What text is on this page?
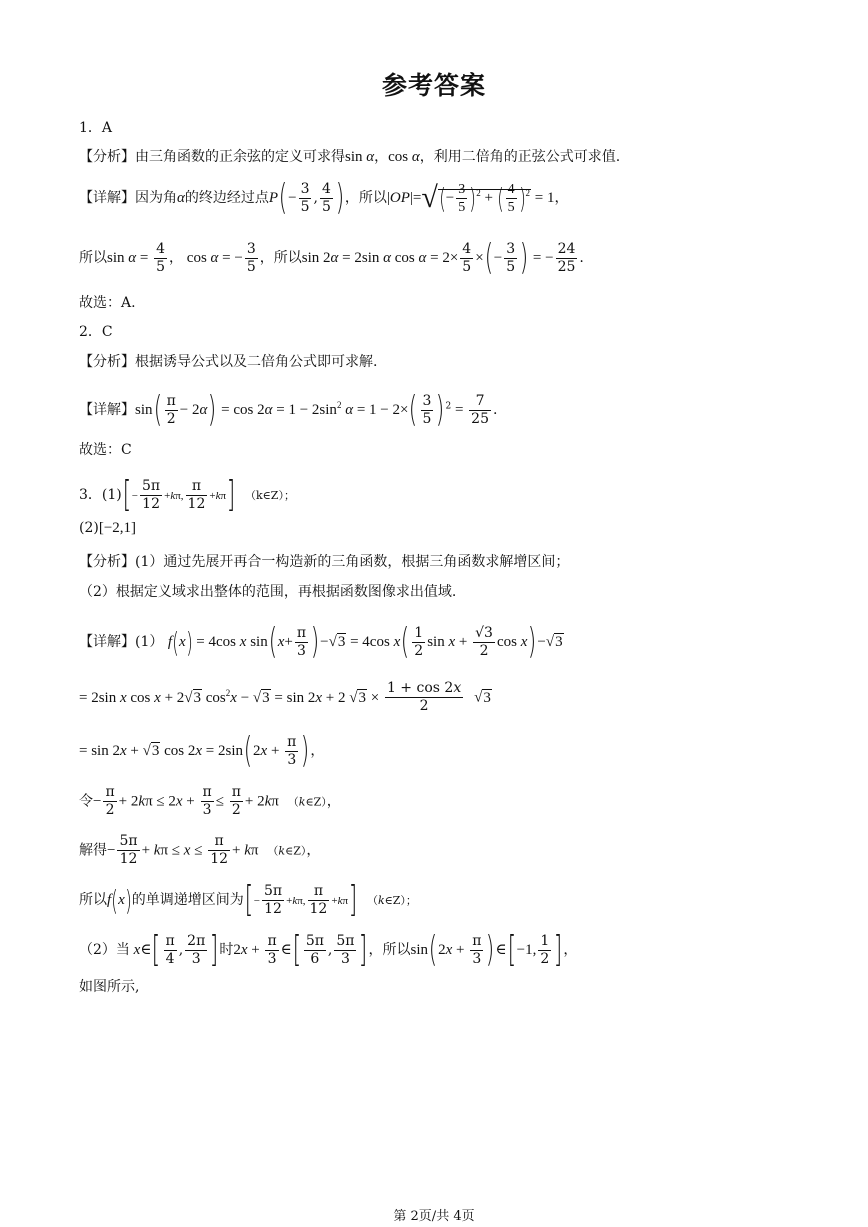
参考答案
1．A
【分析】由三角函数的正余弦的定义可求得sin α，cos α，利用二倍角的正弦公式可求值.
【详解】因为角α的终边经过点$P(- \frac{3}{5}$ , $\frac{4}{5}$ )，所以$|OP|=√(- \frac{3}{5} )^2$ + ( $\frac{4}{5} )^2 = 1$，
所以$\sin \alpha = \frac{4}{5}$ ， cos α = − $\frac{3}{5}$ ，所以sin 2α = 2sin α $\cos \alpha = 2\times \frac{4}{5}$ ×(− $\frac{3}{5}$ ) = − $\frac{24}{25}$ .
故选：A.
2．C
【分析】根据诱导公式以及二倍角公式即可求解.
【详解】$\sin( \frac{\pi}{2} - 2\alpha) = \cos 2\alpha = 1 - 2\sin^2$ $\alpha = 1 - 2\times( \frac{3}{5} )^2 = \frac{7}{25}$ .
故选：C
3．$(1)[- \frac{5\pi}{12} +k\pi$, $\frac{\pi}{12} +k\pi$] （k∈Z）；
(2)[−2,1]
【分析】(1）通过先展开再合一构造新的三角函数，根据三角函数求解增区间；
（2）根据定义域求出整体的范围，再根据函数图像求出值域.
【详解】(1） f(x) = 4cos x $\sin(x+ \frac{\pi}{3} )-√3 = 4\cos$ $x( \frac{1}{2}$ $\sin x + \frac{√3}{2}$ cos x)−√3
= 2sin x cos x + 2√3 $\cos^2x - √3 = \sin 2x + 2$ $√3 \times \frac{1 + \cos 2x}{2} √3$
= sin 2x + √3 $\cos 2x = 2\sin(2x + \frac{\pi}{3}$ )，
令− $\frac{\pi}{2} + 2k\pi \le 2x + \frac{\pi}{3} \le \frac{\pi}{2} + 2k\pi$ （k∈Z），
解得− $\frac{5\pi}{12} + k\pi \le x \le \frac{\pi}{12} + k\pi$ （k∈Z），
所以f(x)的单调递增区间为[− $\frac{5\pi}{12} +k\pi$, $\frac{\pi}{12} +k\pi$] （k∈Z）；
（2）当 x∈[ $\frac{\pi}{4}$ , $\frac{2\pi}{3}$ ]时$2x + \frac{\pi}{3}$ ∈[ $\frac{5\pi}{6}$ , $\frac{5\pi}{3}$ ]，所以$\sin(2x + \frac{\pi}{3}$ )∈[−1, $\frac{1}{2}$ ]，
如图所示,
第 2页/共 4页
